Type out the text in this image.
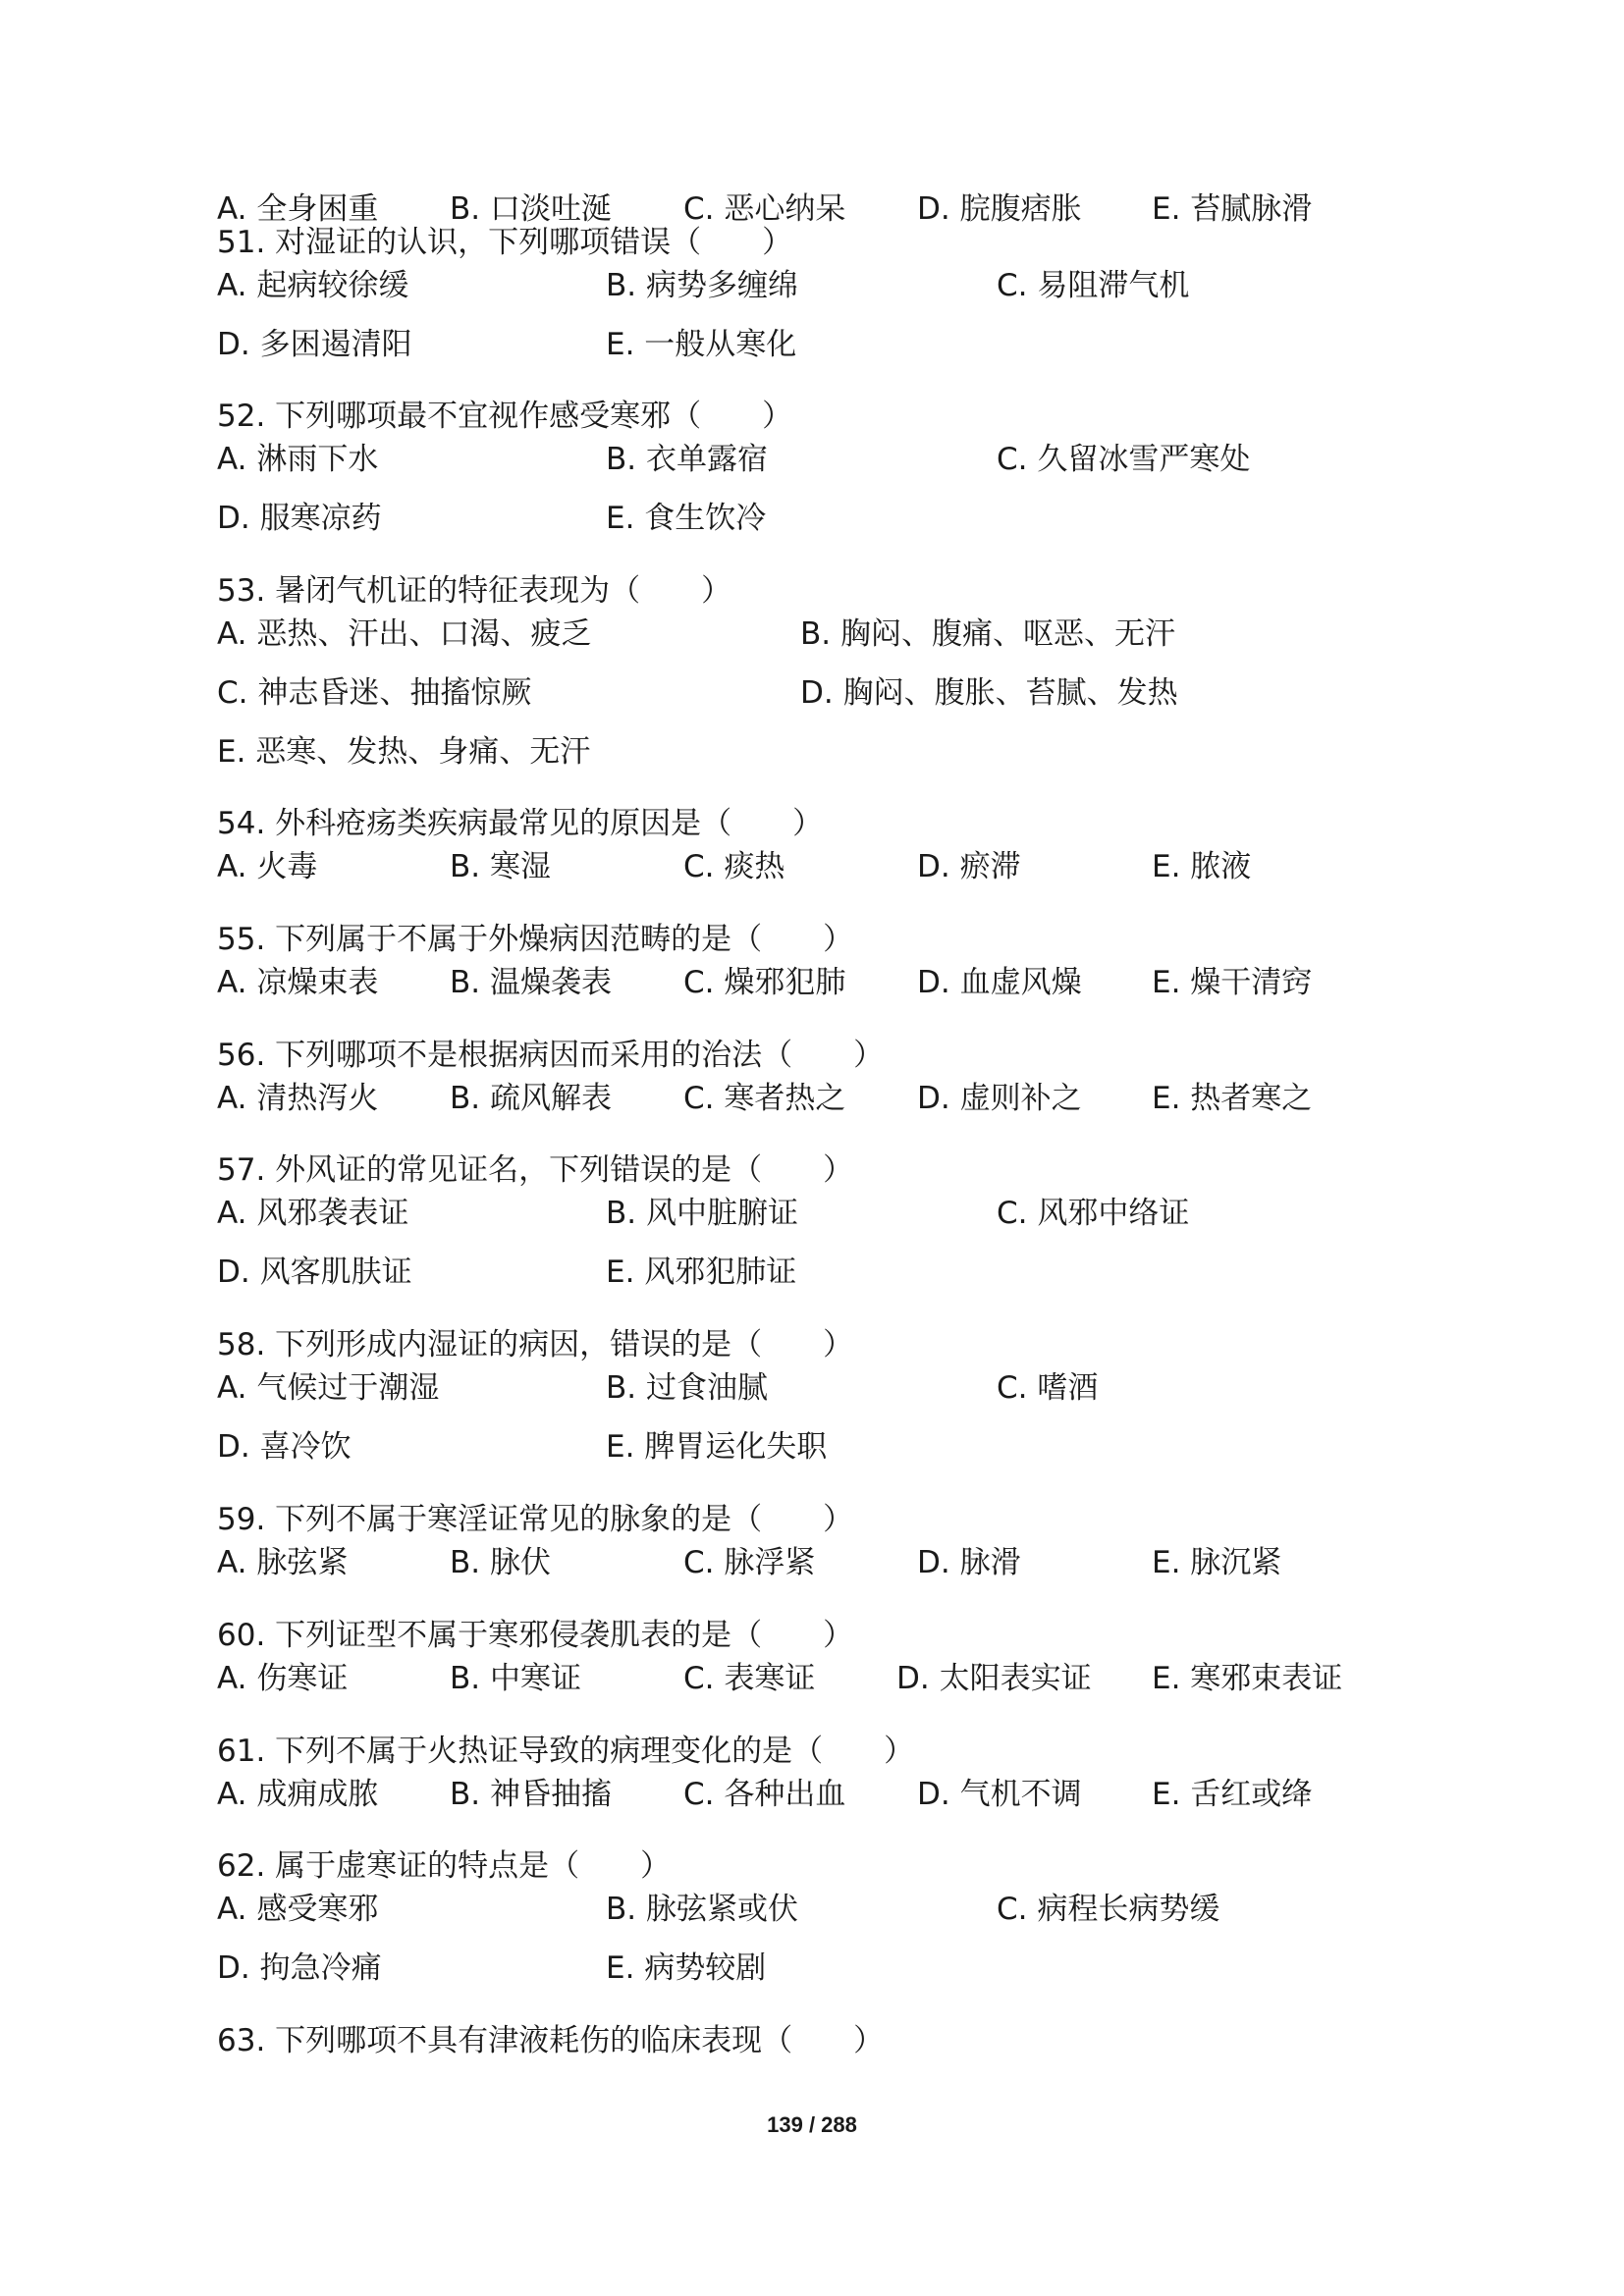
A. 全身困重 B. 口淡吐涎 C. 恶心纳呆 D. 脘腹痞胀 E. 苔腻脉滑
51. 对湿证的认识，下列哪项错误（　　）
A. 起病较徐缓	B. 病势多缠绵	C. 易阻滞气机
D. 多困遏清阳	E. 一般从寒化
52. 下列哪项最不宜视作感受寒邪（　　）
A. 淋雨下水	B. 衣单露宿	C. 久留冰雪严寒处
D. 服寒凉药	E. 食生饮冷
53. 暑闭气机证的特征表现为（　　）
A. 恶热、汗出、口渴、疲乏	B. 胸闷、腹痛、呕恶、无汗
C. 神志昏迷、抽搐惊厥	D. 胸闷、腹胀、苔腻、发热
E. 恶寒、发热、身痛、无汗
54. 外科疮疡类疾病最常见的原因是（　　）
A. 火毒	B. 寒湿	C. 痰热	D. 瘀滞	E. 脓液
55. 下列属于不属于外燥病因范畴的是（　　）
A. 凉燥束表 B. 温燥袭表 C. 燥邪犯肺 D. 血虚风燥 E. 燥干清窍
56. 下列哪项不是根据病因而采用的治法（　　）
A. 清热泻火 B. 疏风解表 C. 寒者热之 D. 虚则补之 E. 热者寒之
57. 外风证的常见证名，下列错误的是（　　）
A. 风邪袭表证	B. 风中脏腑证	C. 风邪中络证
D. 风客肌肤证	E. 风邪犯肺证
58. 下列形成内湿证的病因，错误的是（　　）
A. 气候过于潮湿	B. 过食油腻	C. 嗜酒
D. 喜冷饮	E. 脾胃运化失职
59. 下列不属于寒淫证常见的脉象的是（　　）
A. 脉弦紧	B. 脉伏	C. 脉浮紧	D. 脉滑	E. 脉沉紧
60. 下列证型不属于寒邪侵袭肌表的是（　　）
A. 伤寒证	B. 中寒证	C. 表寒证	D. 太阳表实证 E. 寒邪束表证
61. 下列不属于火热证导致的病理变化的是（　　）
A. 成痈成脓 B. 神昏抽搐 C. 各种出血 D. 气机不调 E. 舌红或绛
62. 属于虚寒证的特点是（　　）
A. 感受寒邪	B. 脉弦紧或伏	C. 病程长病势缓
D. 拘急冷痛	E. 病势较剧
63. 下列哪项不具有津液耗伤的临床表现（　　）
139 / 288
